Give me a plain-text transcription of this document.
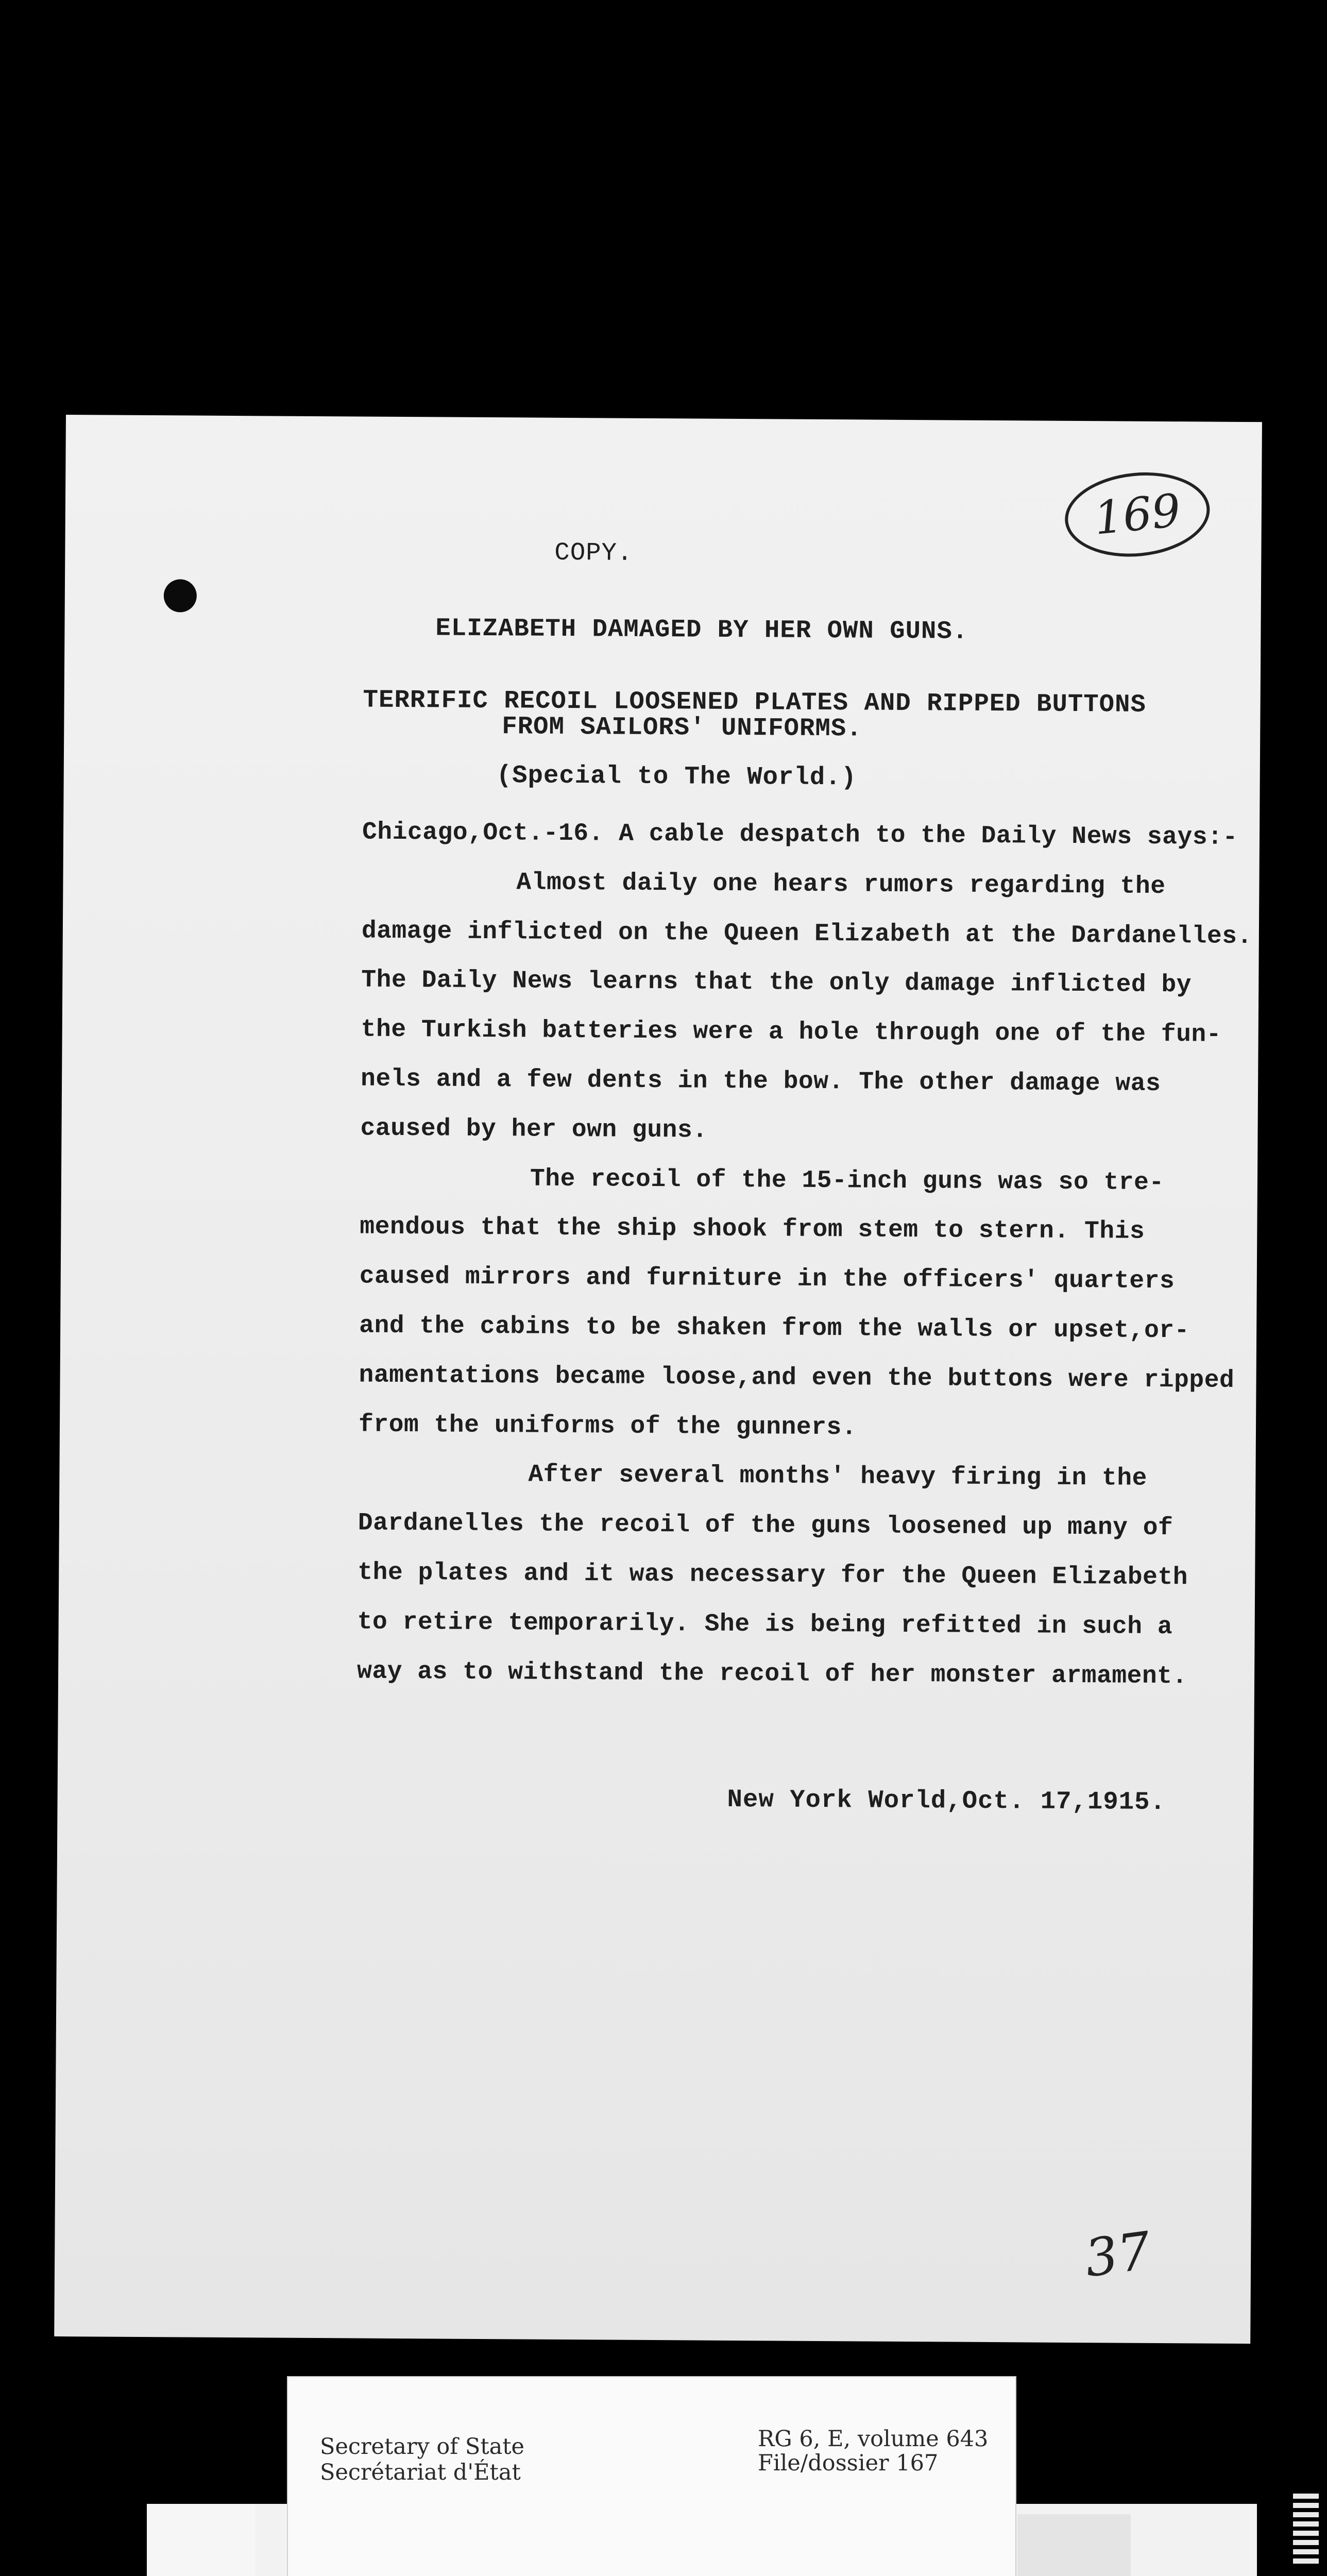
169
COPY.
ELIZABETH DAMAGED BY HER OWN GUNS.
TERRIFIC RECOIL LOOSENED PLATES AND RIPPED BUTTONS
FROM SAILORS' UNIFORMS.
(Special to The World.)
Chicago,Oct.-16. A cable despatch to the Daily News says:-
Almost daily one hears rumors regarding the
damage inflicted on the Queen Elizabeth at the Dardanelles.
The Daily News learns that the only damage inflicted by
the Turkish batteries were a hole through one of the fun-
nels and a few dents in the bow. The other damage was
caused by her own guns.
The recoil of the 15-inch guns was so tre-
mendous that the ship shook from stem to stern. This
caused mirrors and furniture in the officers' quarters
and the cabins to be shaken from the walls or upset,or-
namentations became loose,and even the buttons were ripped
from the uniforms of the gunners.
After several months' heavy firing in the
Dardanelles the recoil of the guns loosened up many of
the plates and it was necessary for the Queen Elizabeth
to retire temporarily. She is being refitted in such a
way as to withstand the recoil of her monster armament.
New York World,Oct. 17,1915.
37
Secretary of State
Secrétariat d'État
RG 6, E, volume 643
File/dossier 167
